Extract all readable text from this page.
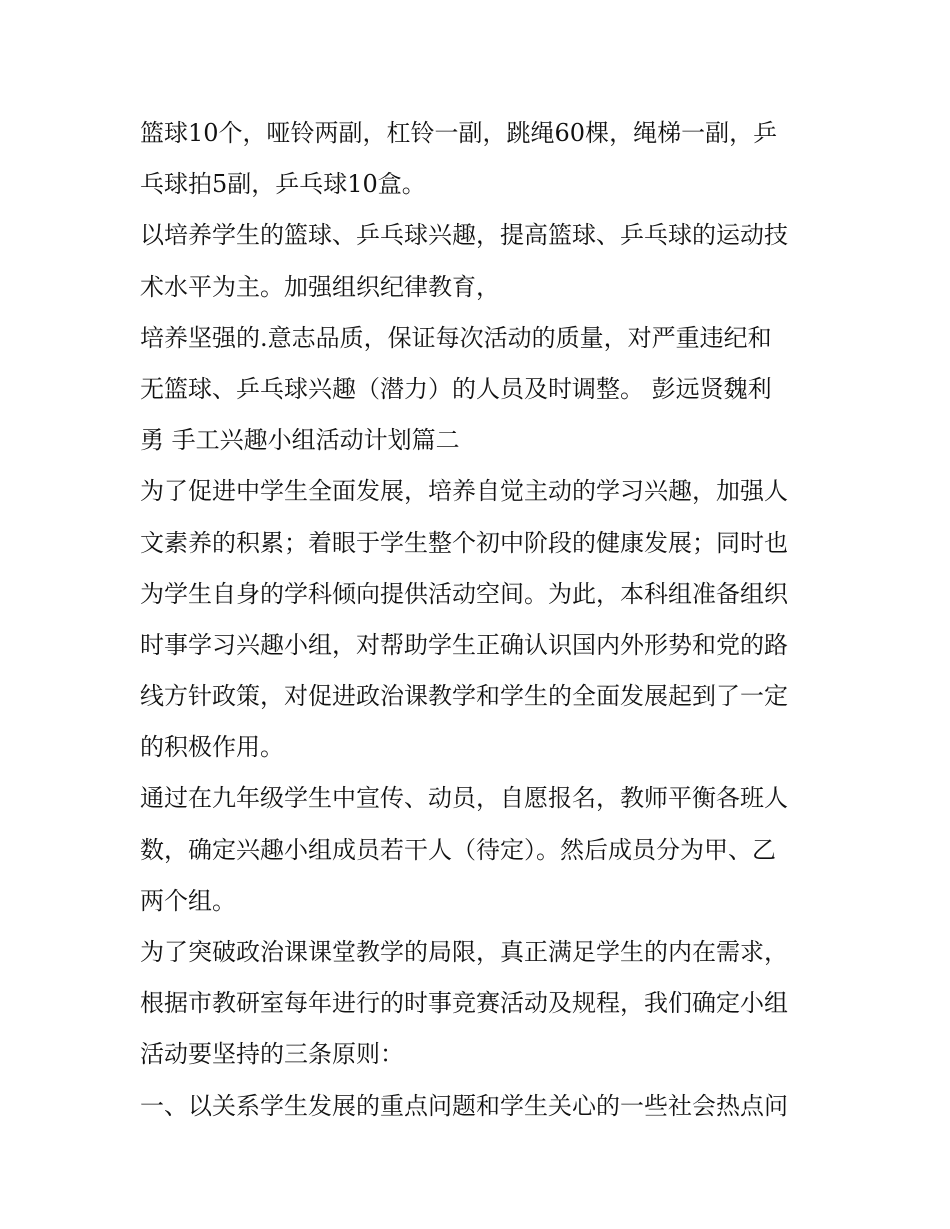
篮球10个，哑铃两副，杠铃一副，跳绳60棵，绳梯一副，乒
乓球拍5副，乒乓球10盒。
以培养学生的篮球、乒乓球兴趣，提高篮球、乒乓球的运动技
术水平为主。加强组织纪律教育，
培养坚强的.意志品质，保证每次活动的质量，对严重违纪和
无篮球、乒乓球兴趣（潜力）的人员及时调整。 彭远贤魏利
勇 手工兴趣小组活动计划篇二
为了促进中学生全面发展，培养自觉主动的学习兴趣，加强人
文素养的积累；着眼于学生整个初中阶段的健康发展；同时也
为学生自身的学科倾向提供活动空间。为此，本科组准备组织
时事学习兴趣小组，对帮助学生正确认识国内外形势和党的路
线方针政策，对促进政治课教学和学生的全面发展起到了一定
的积极作用。
通过在九年级学生中宣传、动员，自愿报名，教师平衡各班人
数，确定兴趣小组成员若干人（待定）。然后成员分为甲、乙
两个组。
为了突破政治课课堂教学的局限，真正满足学生的内在需求，
根据市教研室每年进行的时事竞赛活动及规程，我们确定小组
活动要坚持的三条原则：
一、以关系学生发展的重点问题和学生关心的一些社会热点问
